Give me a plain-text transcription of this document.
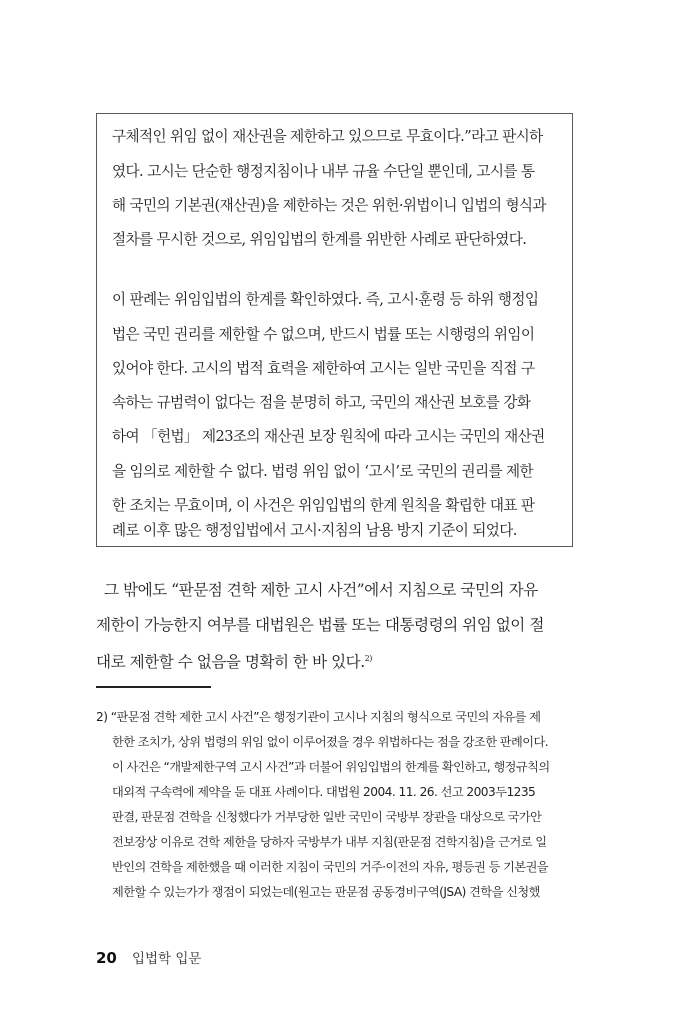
구체적인 위임 없이 재산권을 제한하고 있으므로 무효이다.”라고 판시하
였다. 고시는 단순한 행정지침이나 내부 규율 수단일 뿐인데, 고시를 통
해 국민의 기본권(재산권)을 제한하는 것은 위헌·위법이니 입법의 형식과
절차를 무시한 것으로, 위임입법의 한계를 위반한 사례로 판단하였다.
이 판례는 위임입법의 한계를 확인하였다. 즉, 고시·훈령 등 하위 행정입
법은 국민 권리를 제한할 수 없으며, 반드시 법률 또는 시행령의 위임이
있어야 한다. 고시의 법적 효력을 제한하여 고시는 일반 국민을 직접 구
속하는 규범력이 없다는 점을 분명히 하고, 국민의 재산권 보호를 강화
하여 「헌법」 제23조의 재산권 보장 원칙에 따라 고시는 국민의 재산권
을 임의로 제한할 수 없다. 법령 위임 없이 ‘고시’로 국민의 권리를 제한
한 조치는 무효이며, 이 사건은 위임입법의 한계 원칙을 확립한 대표 판
례로 이후 많은 행정입법에서 고시·지침의 남용 방지 기준이 되었다.
그 밖에도 “판문점 견학 제한 고시 사건”에서 지침으로 국민의 자유
제한이 가능한지 여부를 대법원은 법률 또는 대통령령의 위임 없이 절
대로 제한할 수 없음을 명확히 한 바 있다.$^{2)}$
2) “판문점 견학 제한 고시 사건”은 행정기관이 고시나 지침의 형식으로 국민의 자유를 제
한한 조치가, 상위 법령의 위임 없이 이루어졌을 경우 위법하다는 점을 강조한 판례이다.
이 사건은 “개발제한구역 고시 사건”과 더불어 위임입법의 한계를 확인하고, 행정규칙의
대외적 구속력에 제약을 둔 대표 사례이다. 대법원 2004. 11. 26. 선고 2003두1235
판결, 판문점 견학을 신청했다가 거부당한 일반 국민이 국방부 장관을 대상으로 국가안
전보장상 이유로 견학 제한을 당하자 국방부가 내부 지침(판문점 견학지침)을 근거로 일
반인의 견학을 제한했을 때 이러한 지침이 국민의 거주·이전의 자유, 평등권 등 기본권을
제한할 수 있는가가 쟁점이 되었는데(원고는 판문점 공동경비구역(JSA) 견학을 신청했
20 입법학 입문
